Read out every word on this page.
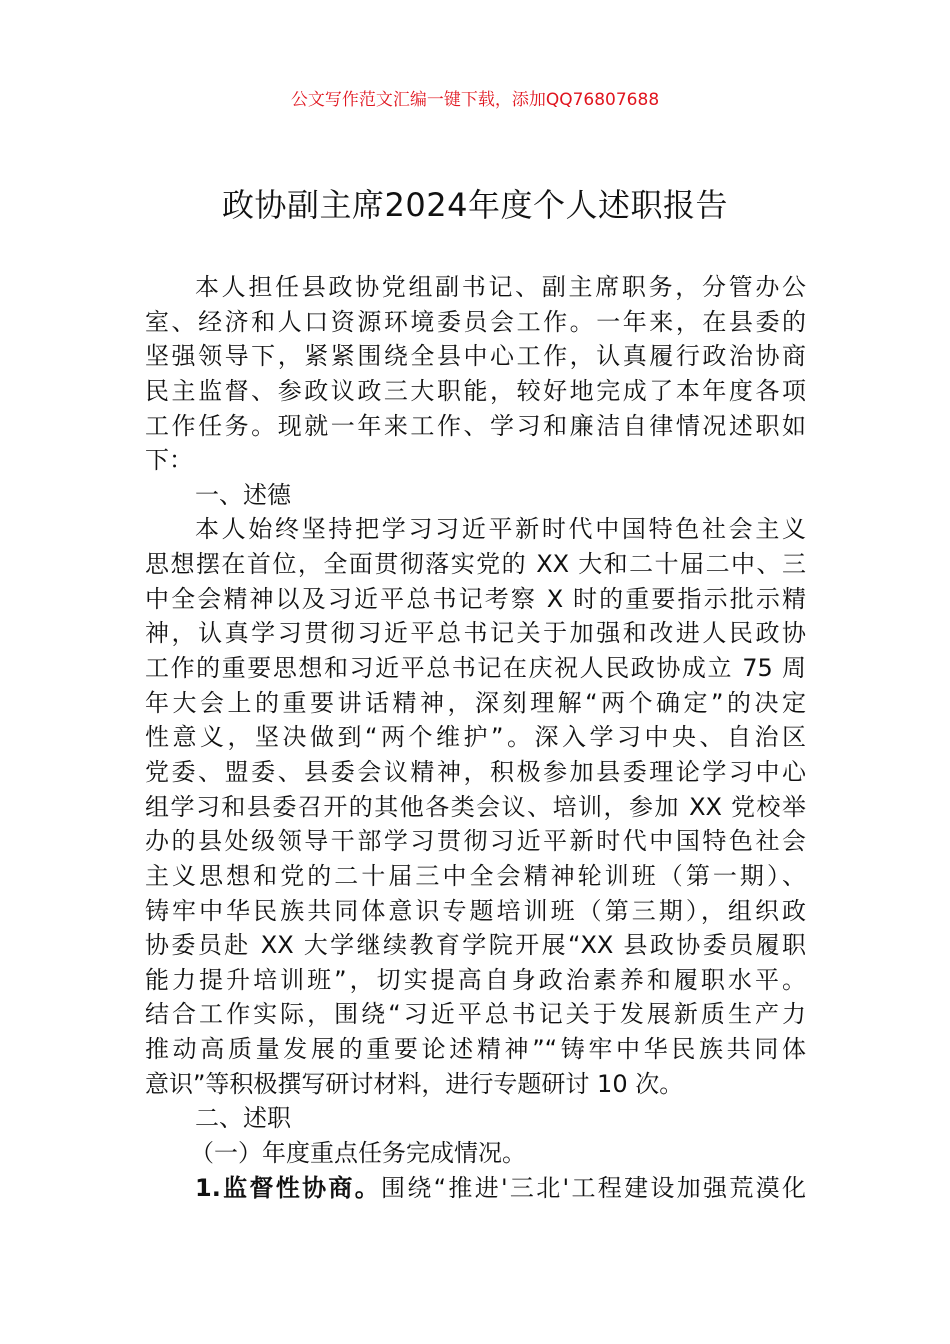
公文写作范文汇编一键下载，添加QQ76807688
政协副主席2024年度个人述职报告
本人担任县政协党组副书记、副主席职务，分管办公
室、经济和人口资源环境委员会工作。一年来，在县委的
坚强领导下，紧紧围绕全县中心工作，认真履行政治协商
民主监督、参政议政三大职能，较好地完成了本年度各项
工作任务。现就一年来工作、学习和廉洁自律情况述职如
下：
一、述德
本人始终坚持把学习习近平新时代中国特色社会主义
思想摆在首位，全面贯彻落实党的 XX 大和二十届二中、三
中全会精神以及习近平总书记考察 X 时的重要指示批示精
神，认真学习贯彻习近平总书记关于加强和改进人民政协
工作的重要思想和习近平总书记在庆祝人民政协成立 75 周
年大会上的重要讲话精神，深刻理解“两个确定”的决定
性意义，坚决做到“两个维护”。深入学习中央、自治区
党委、盟委、县委会议精神，积极参加县委理论学习中心
组学习和县委召开的其他各类会议、培训，参加 XX 党校举
办的县处级领导干部学习贯彻习近平新时代中国特色社会
主义思想和党的二十届三中全会精神轮训班（第一期）、
铸牢中华民族共同体意识专题培训班（第三期），组织政
协委员赴 XX 大学继续教育学院开展“XX 县政协委员履职
能力提升培训班”，切实提高自身政治素养和履职水平。
结合工作实际，围绕“习近平总书记关于发展新质生产力
推动高质量发展的重要论述精神”“铸牢中华民族共同体
意识”等积极撰写研讨材料，进行专题研讨 10 次。
二、述职
（一）年度重点任务完成情况。
1.监督性协商。围绕“推进'三北'工程建设加强荒漠化
